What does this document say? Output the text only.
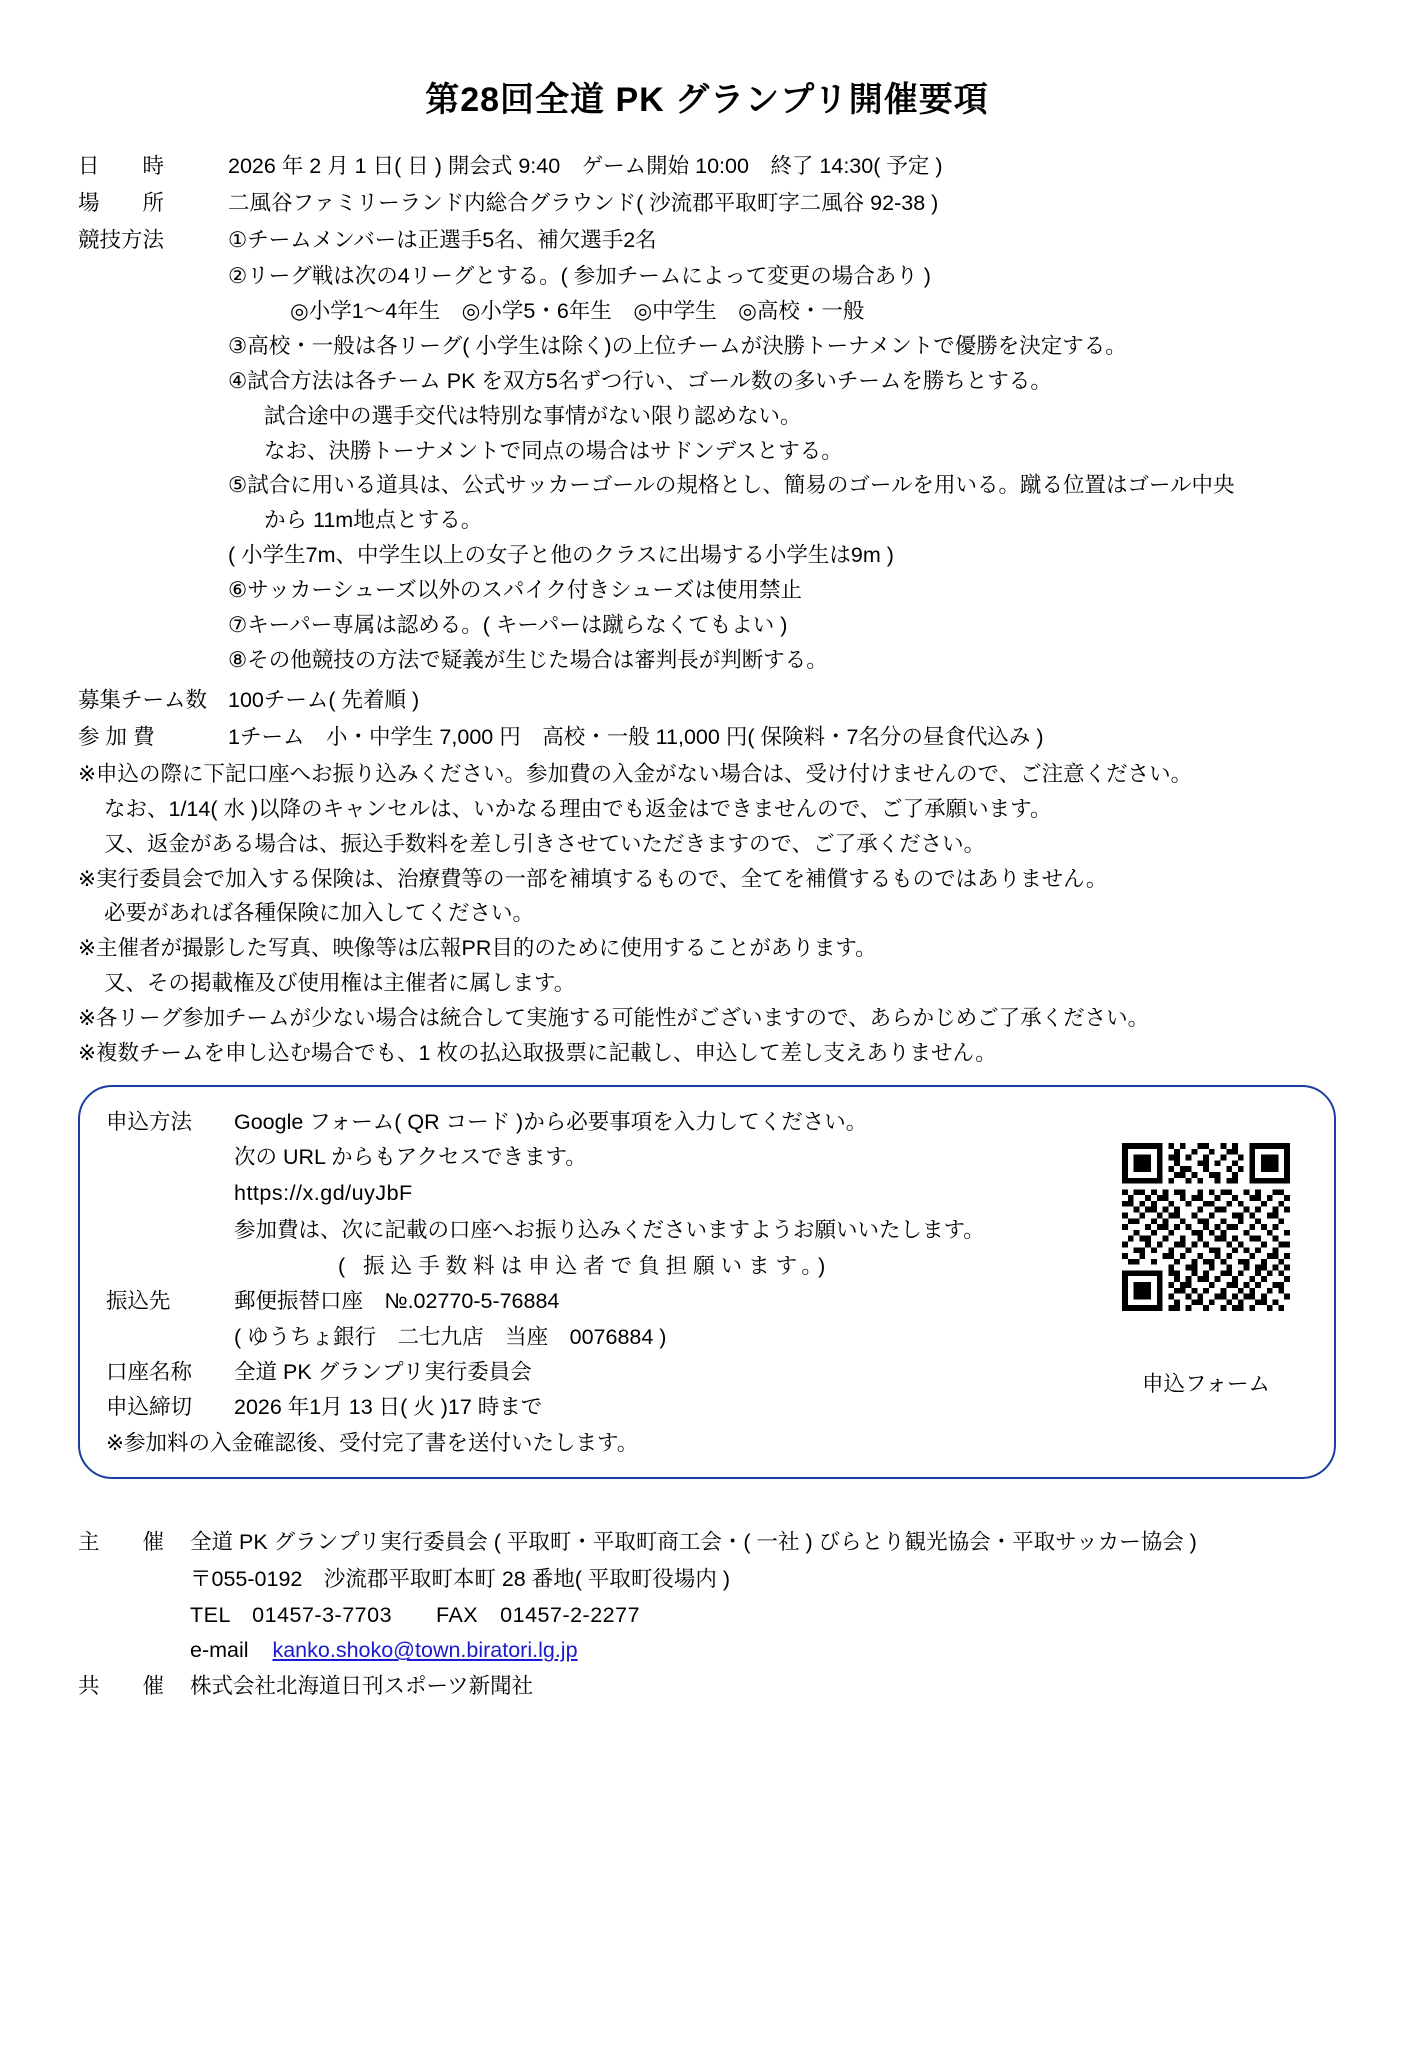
第28回全道 PK グランプリ開催要項
日　　時	2026 年 2 月 1 日( 日 ) 開会式 9:40　ゲーム開始 10:00　終了 14:30( 予定 )
場　　所	二風谷ファミリーランド内総合グラウンド( 沙流郡平取町字二風谷 92-38 )
競技方法	①チームメンバーは正選手5名、補欠選手2名
②リーグ戦は次の4リーグとする。( 参加チームによって変更の場合あり )
◎小学1～4年生　◎小学5・6年生　◎中学生　◎高校・一般
③高校・一般は各リーグ( 小学生は除く)の上位チームが決勝トーナメントで優勝を決定する。
④試合方法は各チーム PK を双方5名ずつ行い、ゴール数の多いチームを勝ちとする。
試合途中の選手交代は特別な事情がない限り認めない。
なお、決勝トーナメントで同点の場合はサドンデスとする。
⑤試合に用いる道具は、公式サッカーゴールの規格とし、簡易のゴールを用いる。蹴る位置はゴール中央
から 11m地点とする。
( 小学生7m、中学生以上の女子と他のクラスに出場する小学生は9m )
⑥サッカーシューズ以外のスパイク付きシューズは使用禁止
⑦キーパー専属は認める。( キーパーは蹴らなくてもよい )
⑧その他競技の方法で疑義が生じた場合は審判長が判断する。
募集チーム数 100チーム( 先着順 )
参 加 費	1チーム　小・中学生 7,000 円　高校・一般 11,000 円( 保険料・7名分の昼食代込み )
※申込の際に下記口座へお振り込みください。参加費の入金がない場合は、受け付けませんので、ご注意ください。
なお、1/14( 水 )以降のキャンセルは、いかなる理由でも返金はできませんので、ご了承願います。
又、返金がある場合は、振込手数料を差し引きさせていただきますので、ご了承ください。
※実行委員会で加入する保険は、治療費等の一部を補填するもので、全てを補償するものではありません。
必要があれば各種保険に加入してください。
※主催者が撮影した写真、映像等は広報PR目的のために使用することがあります。
又、その掲載権及び使用権は主催者に属します。
※各リーグ参加チームが少ない場合は統合して実施する可能性がございますので、あらかじめご了承ください。
※複数チームを申し込む場合でも、1 枚の払込取扱票に記載し、申込して差し支えありません。
申込フォーム
申込方法	Google フォーム( QR コード )から必要事項を入力してください。
次の URL からもアクセスできます。
https://x.gd/uyJbF
参加費は、次に記載の口座へお振り込みくださいますようお願いいたします。
( 振込手数料は申込者で負担願います。)
振込先	郵便振替口座　№.02770-5-76884
( ゆうちょ銀行　二七九店　当座　0076884 )
口座名称	全道 PK グランプリ実行委員会
申込締切	2026 年1月 13 日( 火 )17 時まで
※参加料の入金確認後、受付完了書を送付いたします。
主　　催	全道 PK グランプリ実行委員会 ( 平取町・平取町商工会・( 一社 ) びらとり観光協会・平取サッカー協会 )
〒055-0192　沙流郡平取町本町 28 番地( 平取町役場内 )
TEL　01457-3-7703　　FAX　01457-2-2277
e-mail kanko.shoko@town.biratori.lg.jp
共　　催	株式会社北海道日刊スポーツ新聞社
